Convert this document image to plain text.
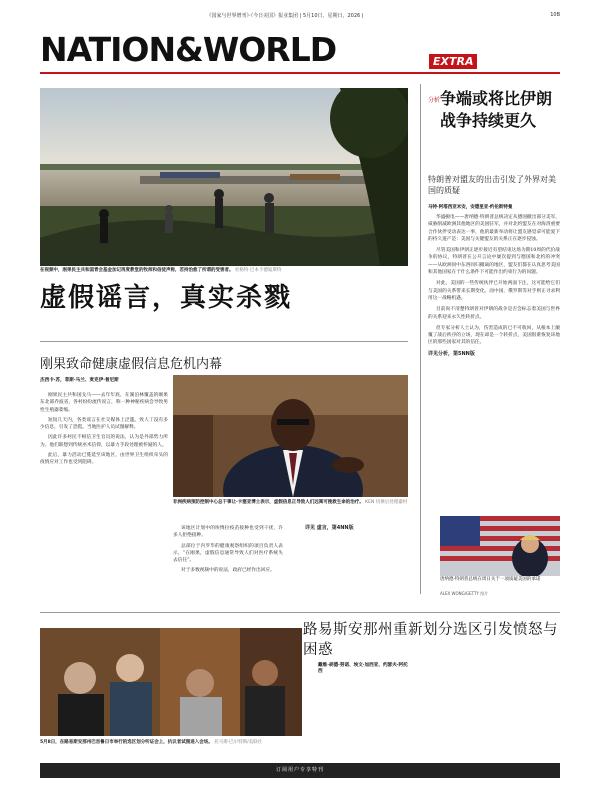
《国家与世界增刊》·《今日美国》报业集团 | 5月10日，星期日，2026 |	10B
NATION&WORLD	EXTRA
在视频中，刚果民主共和国青会基金加记再度教堂的牧师和信徒声称，若持治愈了所谓的受害者。 杜格特·巴本卡德迪斯特
虚假谣言，真实杀戮
分析 争端或将比伊朗战争持续更久
特朗普对盟友的出击引发了外界对美国的质疑
马特·阿塔西亚米安，安德里亚·约伦斯特曼

华盛顿电——唐纳德·特朗普总统决定从德国撤出部分美军，威胁削减欧洲其他地区的美国驻军，并对北约盟友在对海湾重要合作伙伴受动表达一事，他的最新举动将让盟友感觉拿可能爱下的持久遗产是：美国与关键盟友的关系正在逐步侵蚀。

尽管美国和伊朗正逐步接近有望结束这场为期10周的代价战争的协议，特朗普在公开言论中屡次提到与德国和北约的冲突——从欧洲同中东西同归撤离的地区，盟友们都在认真思考美国和其他国家在于什么条件下可能作出约束行为的问题。

对此，美国的一些传统伙伴已开始两面下注，这可能给它们与美国的关系带来长期变化。而中国，俄罗斯等对手则正寻求利用这一战略机遇。

目前尚不清楚特朗普对伊朗的战争是否会标志着美国与世界的关系迎来永久性转折点。

但专家分析人士认为，伤害造成的已不可收回，从根本上颠覆了战后秩序的立场，现在却是一个转折点，美国很难恢复该地区的那些国家对其的信任。

详见分析，第5NN版
唐纳德·特朗普总统在周日关于一项质疑美国的承诺
ALEX WONG/GETTY 图片
刚果致命健康虚假信息危机内幕
杰西卡·苏，菲斯·马兰、麦克伊·普尼斯

刚果民主共和国戈马——去年年底，在湖泊林覆盖的刚果东北部乔波省，各村纷纷流传说言，称一种神秘疾病会导致男性生殖器萎缩。

短短几天内，各类谣言在社交媒体上泛滥。致人丁没有多少信息，引发了恐慌。当地医护人员试图解释。

因此许多村民不相信卫生官员的说法，认为是外部势力所为。他们联想到传统巫术信仰，以暴力手段处理被怀疑的人。

此后，暴力活动已蔓延至该地区，由世界卫生组织牵头的疫情应对工作也受到阻碍。

该地区计划中的埃博拉疫苗接种也受到干扰，许多人拒绝接种。

总部位于内罗毕的健康观察组织的项目负责人表示，“在刚果，虚假信息通常导致人们对医疗系统失去信任”。

对于多数视频中的说法，政府已经作出回应。

详见 虚言，第4NN版
非洲疾病预防控制中心总干事让·卡塞亚博士表示，虚假信息正导致人们远离可挽救生命的治疗。 KEN 切换后处理器材
5月8日，在路易斯安那州巴吞鲁日市举行的选区划分听证会上，抗议者试图进入会场。 托马斯·巴尔特斯/美联社
路易斯安那州重新划分选区引发愤怒与困惑
戴维·胡德·努诺、埃文·加西亚、约瑟夫·阿托西
订阅用户专享特刊
